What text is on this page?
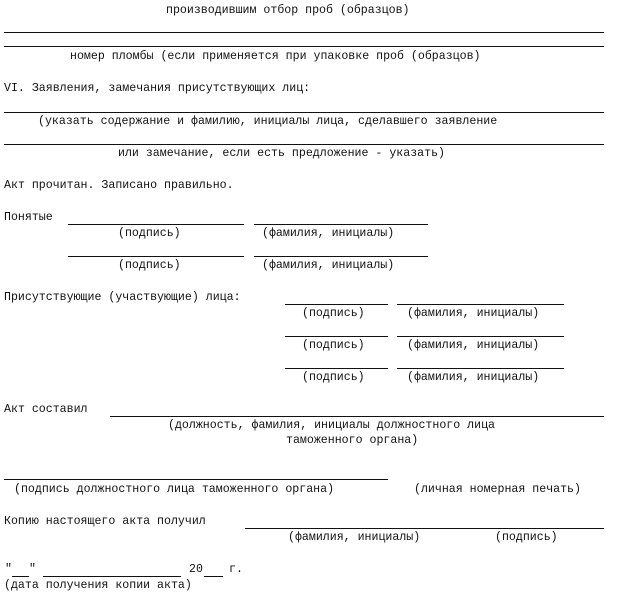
производившим отбор проб (образцов)
номер пломбы (если применяется при упаковке проб (образцов)
VI. Заявления, замечания присутствующих лиц:
(указать содержание и фамилию, инициалы лица, сделавшего заявление
или замечание, если есть предложение - указать)
Акт прочитан. Записано правильно.
Понятые
(подпись)	(фамилия, инициалы)
(подпись)	(фамилия, инициалы)
Присутствующие (участвующие) лица:
(подпись)	(фамилия, инициалы)
(подпись)	(фамилия, инициалы)
(подпись)	(фамилия, инициалы)
Акт составил
(должность, фамилия, инициалы должностного лица
таможенного органа)
(подпись должностного лица таможенного органа)	(личная номерная печать)
Копию настоящего акта получил
(фамилия, инициалы)	(подпись)
" "	20 г.
(дата получения копии акта)
